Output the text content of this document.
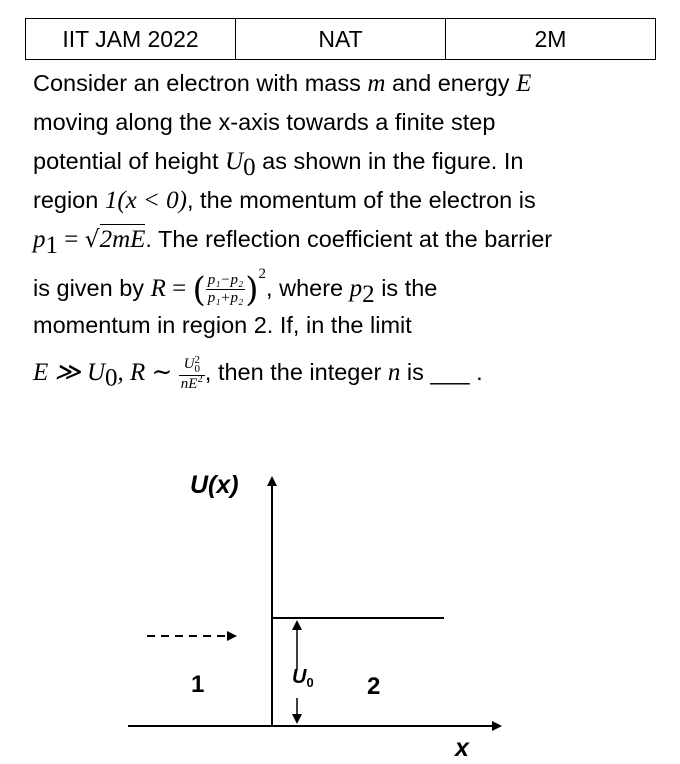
IIT JAM 2022	NAT	2M
Consider an electron with mass m and energy E
moving along the x-axis towards a finite step
potential of height $U_0$ as shown in the figure. In
region 1(x < 0), the momentum of the electron is
$p_1 = √2mE$. The reflection coefficient at the barrier
is given by R = ( $\frac{\text{p₁−p₂}}{\text{p₁+p₂}} )^2$, where $p_2$ is the
momentum in region 2. If, in the limit
E ≫ $U_0$, R ∼ U 2
0
$nE^2$ , then the integer n is ___ .
U(x)
x
1	2
$U_0$
